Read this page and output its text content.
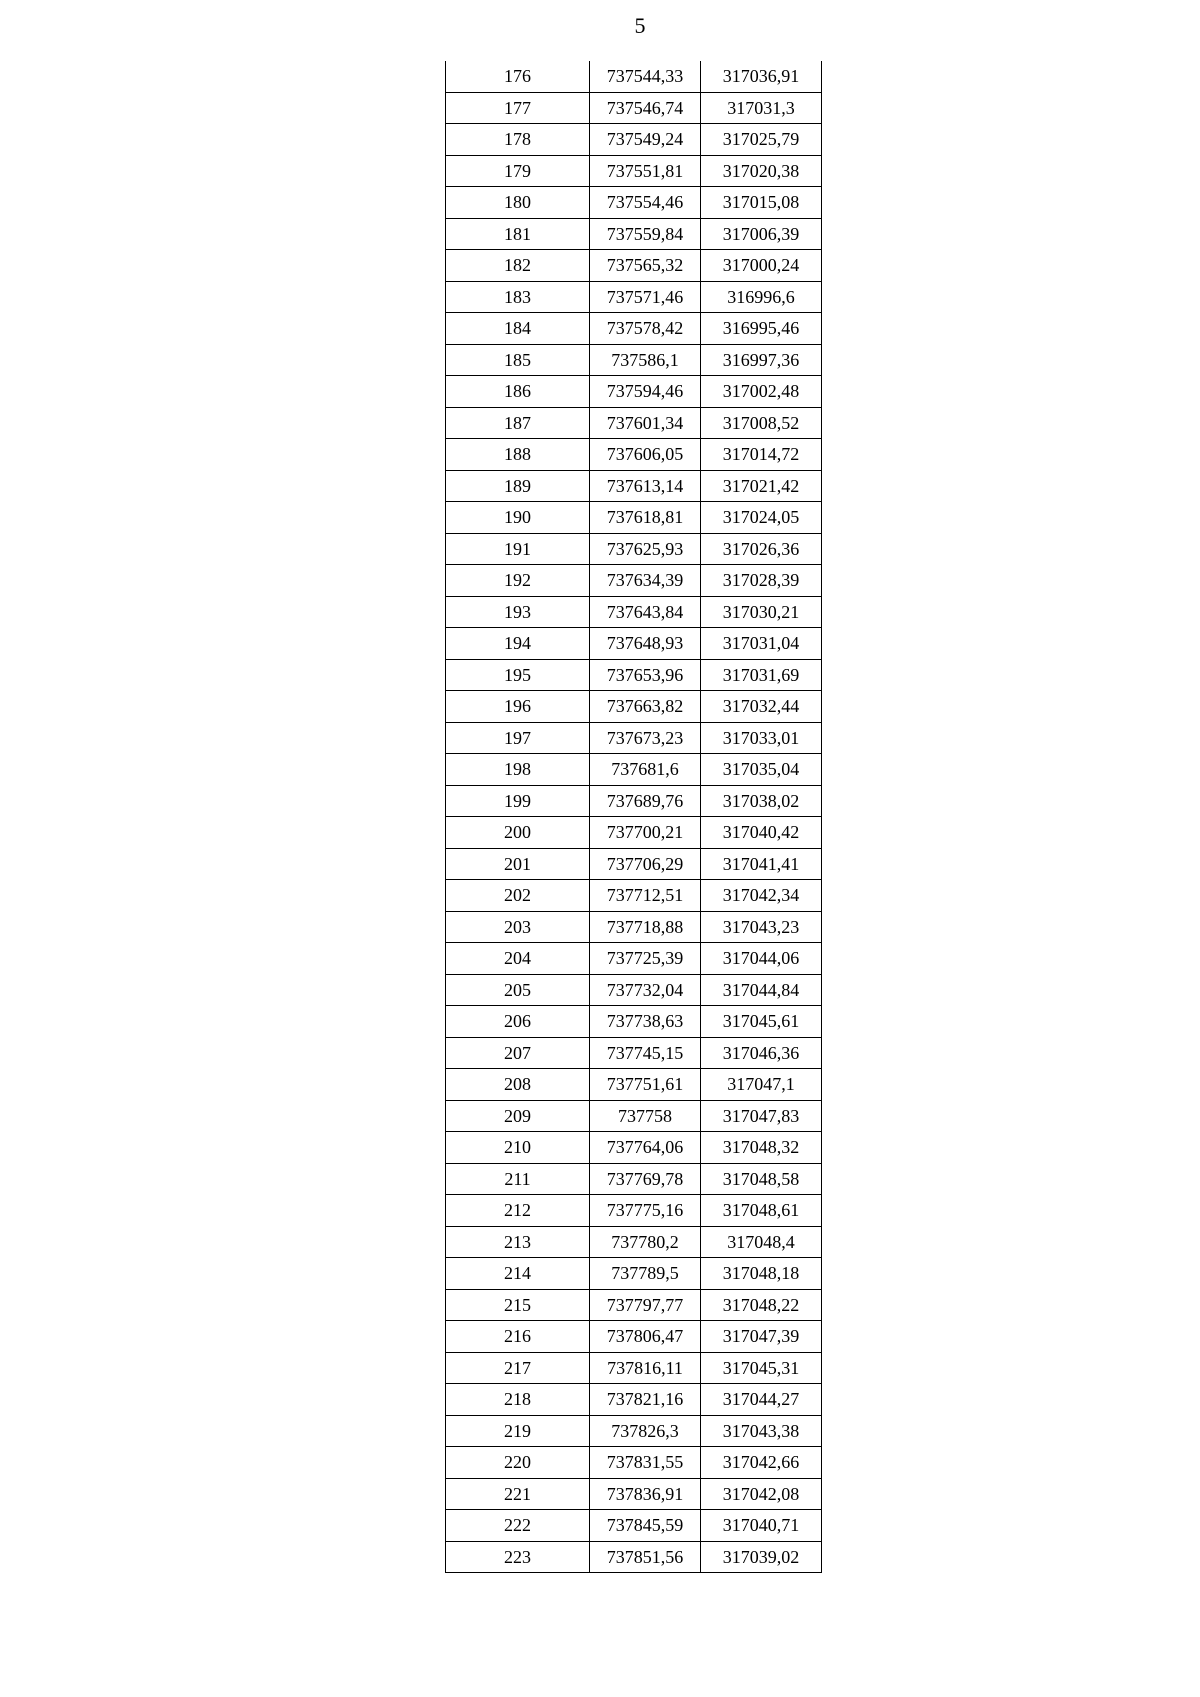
5
176	737544,33	317036,91
177	737546,74	317031,3
178	737549,24	317025,79
179	737551,81	317020,38
180	737554,46	317015,08
181	737559,84	317006,39
182	737565,32	317000,24
183	737571,46	316996,6
184	737578,42	316995,46
185	737586,1	316997,36
186	737594,46	317002,48
187	737601,34	317008,52
188	737606,05	317014,72
189	737613,14	317021,42
190	737618,81	317024,05
191	737625,93	317026,36
192	737634,39	317028,39
193	737643,84	317030,21
194	737648,93	317031,04
195	737653,96	317031,69
196	737663,82	317032,44
197	737673,23	317033,01
198	737681,6	317035,04
199	737689,76	317038,02
200	737700,21	317040,42
201	737706,29	317041,41
202	737712,51	317042,34
203	737718,88	317043,23
204	737725,39	317044,06
205	737732,04	317044,84
206	737738,63	317045,61
207	737745,15	317046,36
208	737751,61	317047,1
209	737758	317047,83
210	737764,06	317048,32
211	737769,78	317048,58
212	737775,16	317048,61
213	737780,2	317048,4
214	737789,5	317048,18
215	737797,77	317048,22
216	737806,47	317047,39
217	737816,11	317045,31
218	737821,16	317044,27
219	737826,3	317043,38
220	737831,55	317042,66
221	737836,91	317042,08
222	737845,59	317040,71
223	737851,56	317039,02
